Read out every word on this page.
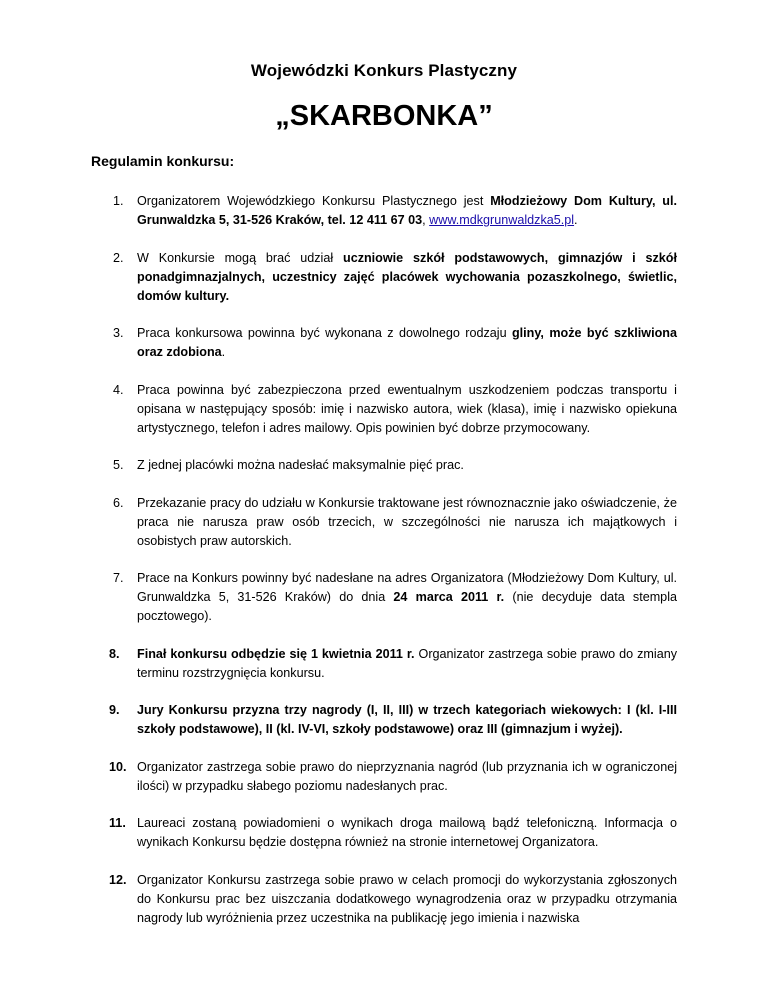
Wojewódzki Konkurs Plastyczny
„SKARBONKA”
Regulamin konkursu:
1. Organizatorem Wojewódzkiego Konkursu Plastycznego jest Młodzieżowy Dom Kultury, ul. Grunwaldzka 5, 31-526 Kraków, tel. 12 411 67 03, www.mdkgrunwaldzka5.pl.
2. W Konkursie mogą brać udział uczniowie szkół podstawowych, gimnazjów i szkół ponadgimnazjalnych, uczestnicy zajęć placówek wychowania pozaszkolnego, świetlic, domów kultury.
3. Praca konkursowa powinna być wykonana z dowolnego rodzaju gliny, może być szkliwiona oraz zdobiona.
4. Praca powinna być zabezpieczona przed ewentualnym uszkodzeniem podczas transportu i opisana w następujący sposób: imię i nazwisko autora, wiek (klasa), imię i nazwisko opiekuna artystycznego, telefon i adres mailowy. Opis powinien być dobrze przymocowany.
5. Z jednej placówki można nadesłać maksymalnie pięć prac.
6. Przekazanie pracy do udziału w Konkursie traktowane jest równoznacznie jako oświadczenie, że praca nie narusza praw osób trzecich, w szczególności nie narusza ich majątkowych i osobistych praw autorskich.
7. Prace na Konkurs powinny być nadesłane na adres Organizatora (Młodzieżowy Dom Kultury, ul. Grunwaldzka 5, 31-526 Kraków) do dnia 24 marca 2011 r. (nie decyduje data stempla pocztowego).
8. Finał konkursu odbędzie się 1 kwietnia 2011 r. Organizator zastrzega sobie prawo do zmiany terminu rozstrzygnięcia konkursu.
9. Jury Konkursu przyzna trzy nagrody (I, II, III) w trzech kategoriach wiekowych: I (kl. I-III szkoły podstawowe), II (kl. IV-VI, szkoły podstawowe) oraz III (gimnazjum i wyżej).
10. Organizator zastrzega sobie prawo do nieprzyznania nagród (lub przyznania ich w ograniczonej ilości) w przypadku słabego poziomu nadesłanych prac.
11. Laureaci zostaną powiadomieni o wynikach droga mailową bądź telefoniczną. Informacja o wynikach Konkursu będzie dostępna również na stronie internetowej Organizatora.
12. Organizator Konkursu zastrzega sobie prawo w celach promocji do wykorzystania zgłoszonych do Konkursu prac bez uiszczania dodatkowego wynagrodzenia oraz w przypadku otrzymania nagrody lub wyróżnienia przez uczestnika na publikację jego imienia i nazwiska
